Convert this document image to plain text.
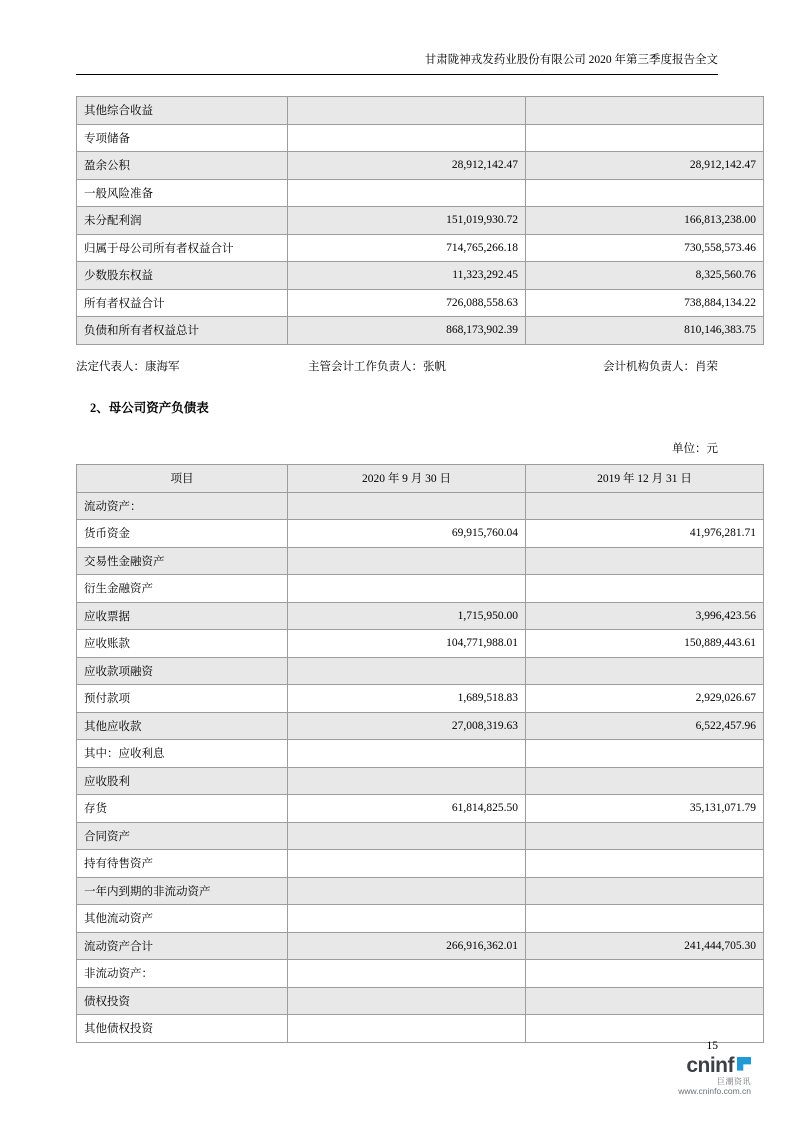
甘肃陇神戎发药业股份有限公司 2020 年第三季度报告全文
其他综合收益		
专项储备		
盈余公积	28,912,142.47	28,912,142.47
一般风险准备		
未分配利润	151,019,930.72	166,813,238.00
归属于母公司所有者权益合计	714,765,266.18	730,558,573.46
少数股东权益	11,323,292.45	8,325,560.76
所有者权益合计	726,088,558.63	738,884,134.22
负债和所有者权益总计	868,173,902.39	810,146,383.75
法定代表人：康海军	主管会计工作负责人：张帆	会计机构负责人：肖荣
2、母公司资产负债表
单位：元
项目	2020 年 9 月 30 日	2019 年 12 月 31 日
流动资产：		
货币资金	69,915,760.04	41,976,281.71
交易性金融资产		
衍生金融资产		
应收票据	1,715,950.00	3,996,423.56
应收账款	104,771,988.01	150,889,443.61
应收款项融资		
预付款项	1,689,518.83	2,929,026.67
其他应收款	27,008,319.63	6,522,457.96
其中：应收利息		
应收股利		
存货	61,814,825.50	35,131,071.79
合同资产		
持有待售资产		
一年内到期的非流动资产		
其他流动资产		
流动资产合计	266,916,362.01	241,444,705.30
非流动资产：		
债权投资		
其他债权投资		
15
cninf
巨潮资讯
www.cninfo.com.cn
